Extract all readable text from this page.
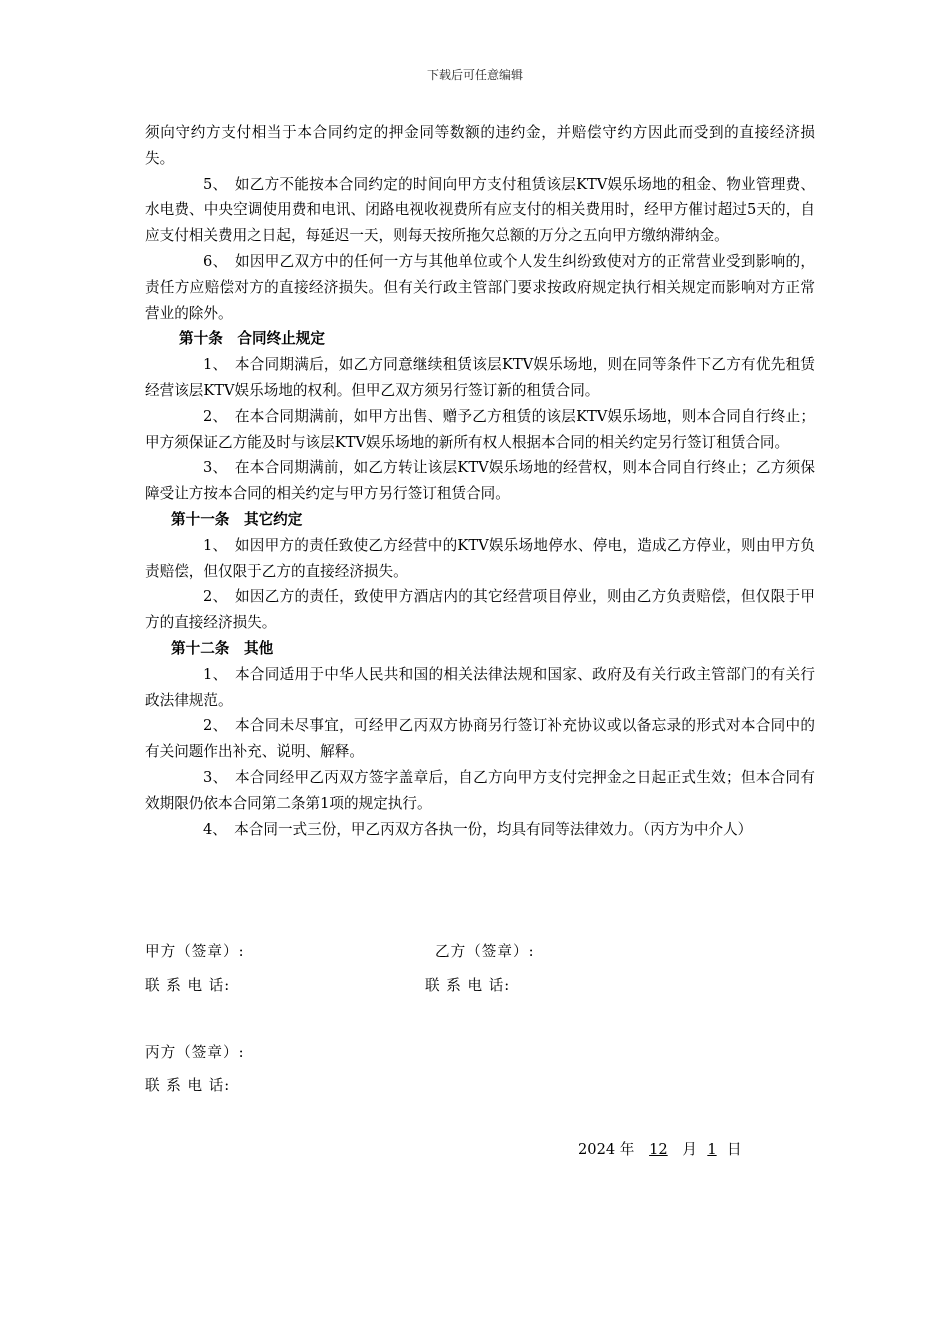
下载后可任意编辑

须向守约方支付相当于本合同约定的押金同等数额的违约金，并赔偿守约方因此而受到的直接经济损失。

5、　如乙方不能按本合同约定的时间向甲方支付租赁该层KTV娱乐场地的租金、物业管理费、水电费、中央空调使用费和电讯、闭路电视收视费所有应支付的相关费用时，经甲方催讨超过5天的，自应支付相关费用之日起，每延迟一天，则每天按所拖欠总额的万分之五向甲方缴纳滞纳金。

6、　如因甲乙双方中的任何一方与其他单位或个人发生纠纷致使对方的正常营业受到影响的，责任方应赔偿对方的直接经济损失。但有关行政主管部门要求按政府规定执行相关规定而影响对方正常营业的除外。

第十条　合同终止规定

1、　本合同期满后，如乙方同意继续租赁该层KTV娱乐场地，则在同等条件下乙方有优先租赁经营该层KTV娱乐场地的权利。但甲乙双方须另行签订新的租赁合同。

2、　在本合同期满前，如甲方出售、赠予乙方租赁的该层KTV娱乐场地，则本合同自行终止；甲方须保证乙方能及时与该层KTV娱乐场地的新所有权人根据本合同的相关约定另行签订租赁合同。

3、　在本合同期满前，如乙方转让该层KTV娱乐场地的经营权，则本合同自行终止；乙方须保障受让方按本合同的相关约定与甲方另行签订租赁合同。

第十一条　其它约定

1、　如因甲方的责任致使乙方经营中的KTV娱乐场地停水、停电，造成乙方停业，则由甲方负责赔偿，但仅限于乙方的直接经济损失。

2、　如因乙方的责任，致使甲方酒店内的其它经营项目停业，则由乙方负责赔偿，但仅限于甲方的直接经济损失。

第十二条　其他

1、　本合同适用于中华人民共和国的相关法律法规和国家、政府及有关行政主管部门的有关行政法律规范。

2、　本合同未尽事宜，可经甲乙丙双方协商另行签订补充协议或以备忘录的形式对本合同中的有关问题作出补充、说明、解释。

3、　本合同经甲乙丙双方签字盖章后，自乙方向甲方支付完押金之日起正式生效；但本合同有效期限仍依本合同第二条第1项的规定执行。

4、　本合同一式三份，甲乙丙双方各执一份，均具有同等法律效力。（丙方为中介人）

甲方（签章）:	乙方（签章）:
联 系 电 话:	联 系 电 话:
丙方（签章）:
联 系 电 话:
2024 年 12 月 1 日
